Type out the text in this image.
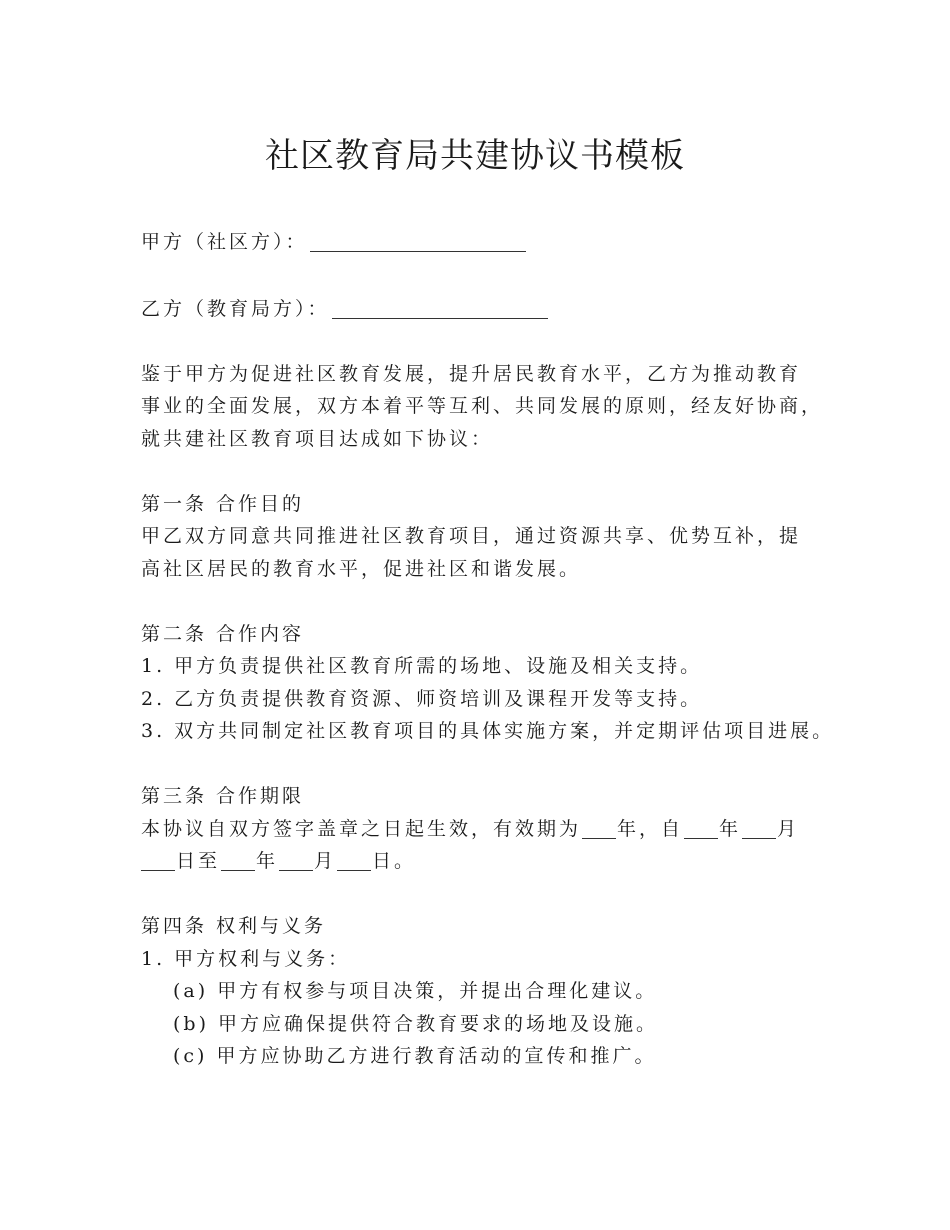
社区教育局共建协议书模板
甲方（社区方）：
乙方（教育局方）：
鉴于甲方为促进社区教育发展，提升居民教育水平，乙方为推动教育
事业的全面发展，双方本着平等互利、共同发展的原则，经友好协商，
就共建社区教育项目达成如下协议：
第一条 合作目的
甲乙双方同意共同推进社区教育项目，通过资源共享、优势互补，提
高社区居民的教育水平，促进社区和谐发展。
第二条 合作内容
1. 甲方负责提供社区教育所需的场地、设施及相关支持。
2. 乙方负责提供教育资源、师资培训及课程开发等支持。
3. 双方共同制定社区教育项目的具体实施方案，并定期评估项目进展。
第三条 合作期限
本协议自双方签字盖章之日起生效，有效期为 年，自 年 月
日至 年 月 日。
第四条 权利与义务
1. 甲方权利与义务：
(a) 甲方有权参与项目决策，并提出合理化建议。
(b) 甲方应确保提供符合教育要求的场地及设施。
(c) 甲方应协助乙方进行教育活动的宣传和推广。
